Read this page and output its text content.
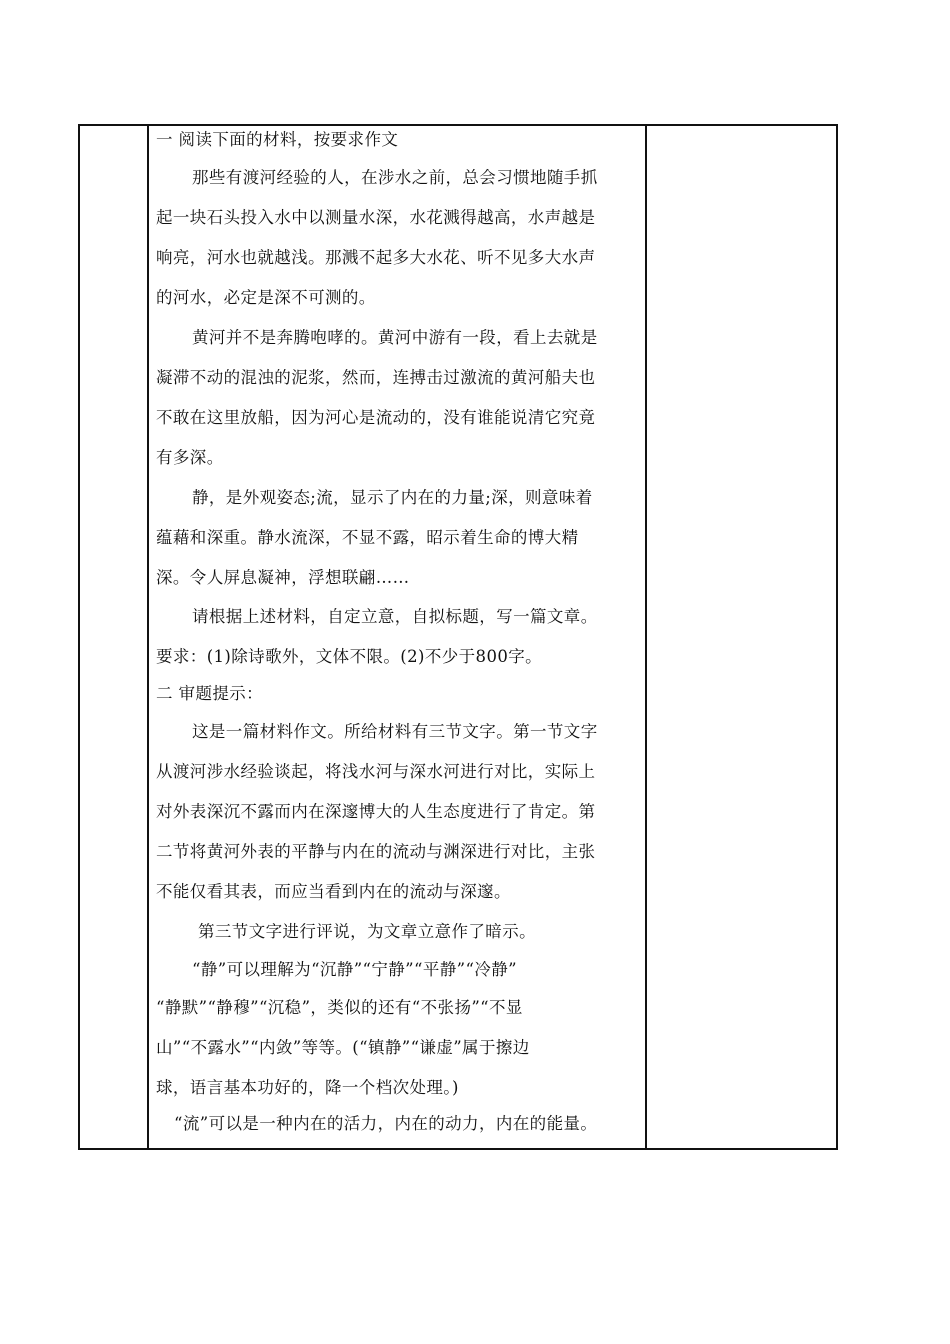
一 阅读下面的材料，按要求作文
那些有渡河经验的人，在涉水之前，总会习惯地随手抓
起一块石头投入水中以测量水深，水花溅得越高，水声越是
响亮，河水也就越浅。那溅不起多大水花、听不见多大水声
的河水，必定是深不可测的。
黄河并不是奔腾咆哮的。黄河中游有一段，看上去就是
凝滞不动的混浊的泥浆，然而，连搏击过激流的黄河船夫也
不敢在这里放船，因为河心是流动的，没有谁能说清它究竟
有多深。
静，是外观姿态;流，显示了内在的力量;深，则意味着
蕴藉和深重。静水流深，不显不露，昭示着生命的博大精
深。令人屏息凝神，浮想联翩……
请根据上述材料，自定立意，自拟标题，写一篇文章。
要求：(1)除诗歌外，文体不限。(2)不少于800字。
二 审题提示：
这是一篇材料作文。所给材料有三节文字。第一节文字
从渡河涉水经验谈起，将浅水河与深水河进行对比，实际上
对外表深沉不露而内在深邃博大的人生态度进行了肯定。第
二节将黄河外表的平静与内在的流动与渊深进行对比，主张
不能仅看其表，而应当看到内在的流动与深邃。
第三节文字进行评说，为文章立意作了暗示。
“静”可以理解为“沉静”“宁静”“平静”“冷静”
“静默”“静穆”“沉稳”，类似的还有“不张扬”“不显
山”“不露水”“内敛”等等。(“镇静”“谦虚”属于擦边
球，语言基本功好的，降一个档次处理。)
“流”可以是一种内在的活力，内在的动力，内在的能量。
